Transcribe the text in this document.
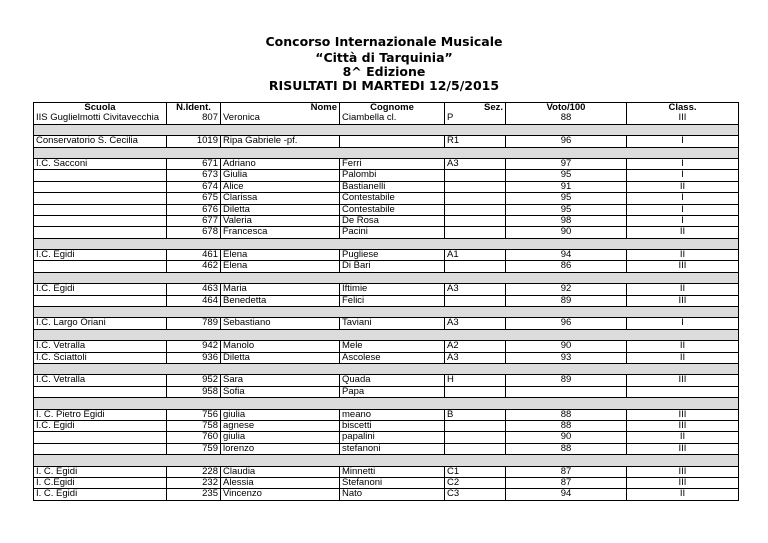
Concorso Internazionale Musicale
“Città di Tarquinia”
8^ Edizione
RISULTATI DI MARTEDI 12/5/2015
Scuola	N.Ident.	Nome	Cognome	Sez.	Voto/100	Class.
IIS Guglielmotti Civitavecchia	807	Veronica	Ciambella cl.	P	88	III

Conservatorio S. Cecilia	1019	Ripa Gabriele -pf.		R1	96	I

I.C. Sacconi	671	Adriano	Ferri	A3	97	I
	673	Giulia	Palombi		95	I
	674	Alice	Bastianelli		91	II
	675	Clarissa	Contestabile		95	I
	676	Diletta	Contestabile		95	I
	677	Valeria	De Rosa		98	I
	678	Francesca	Pacini		90	II

I.C. Egidi	461	Elena	Pugliese	A1	94	II
	462	Elena	Di Bari		86	III

I.C. Egidi	463	Maria	Iftimie	A3	92	II
	464	Benedetta	Felici		89	III

I.C. Largo Oriani	789	Sebastiano	Taviani	A3	96	I

I.C. Vetralla	942	Manolo	Mele	A2	90	II
I.C. Sciattoli	936	Diletta	Ascolese	A3	93	II

I.C. Vetralla	952	Sara	Quada	H	89	III
	958	Sofia	Papa			

I. C. Pietro Egidi	756	giulia	meano	B	88	III
I.C. Egidi	758	agnese	biscetti		88	III
	760	giulia	papalini		90	II
	759	lorenzo	stefanoni		88	III

I. C. Egidi	228	Claudia	Minnetti	C1	87	III
I. C.Egidi	232	Alessia	Stefanoni	C2	87	III
I. C. Egidi	235	Vincenzo	Nato	C3	94	II
